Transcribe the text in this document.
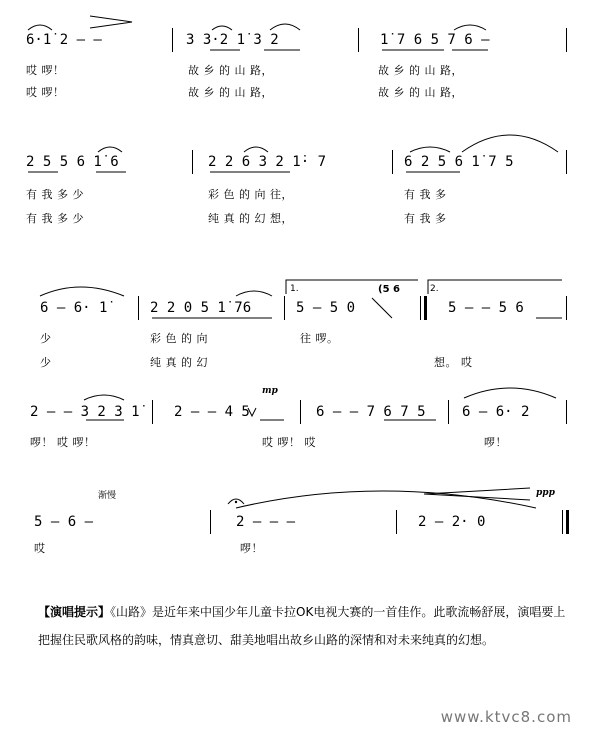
6·1̇ 2 – –	3 3·2 1̇ 3 2	1̇ 7 6 5 7 6 –
哎 啰！	故 乡 的 山 路，	故 乡 的 山 路，
哎 啰！	故 乡 的 山 路，	故 乡 的 山 路，
2 5 5 6 1̇ 6	2 2 6 3 2 1̇· 7	6 2 5 6 1̇ 7 5
有 我 多 少	彩 色 的 向 往，	有 我 多
有 我 多 少	纯 真 的 幻 想，	有 我 多
6 – 6· 1̇	2 2 0 5 1̇ 76	5 – 5 0	5 – – 5 6
1.	2.
(5 6
少	彩 色 的 向	往 啰。
少	纯 真 的 幻	想。 哎
mp
2 – – 3 2 3 1̇ 2 – – 4 5	6 – – 7 6 7 5	6 – 6· 2
啰！ 哎 啰！	哎 啰！ 哎	啰！
渐慢	ppp
5 – 6 –	2 – – –	2 – 2· 0
哎	啰！
【演唱提示】《山路》是近年来中国少年儿童卡拉OK电视大赛的一首佳作。此歌流畅舒展，演唱要上把握住民歌风格的韵味，情真意切、甜美地唱出故乡山路的深情和对未来纯真的幻想。
www.ktvc8.com
